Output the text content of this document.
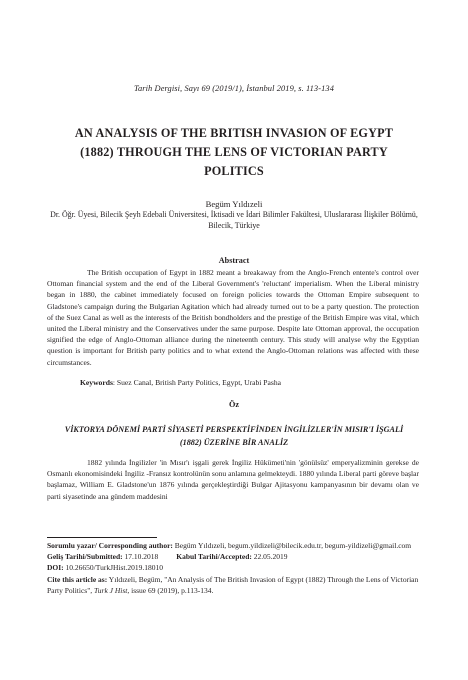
Tarih Dergisi, Sayı 69 (2019/1), İstanbul 2019, s. 113-134
AN ANALYSIS OF THE BRITISH INVASION OF EGYPT (1882) THROUGH THE LENS OF VICTORIAN PARTY POLITICS
Begüm Yıldızeli
Dr. Öğr. Üyesi, Bilecik Şeyh Edebali Üniversitesi, İktisadi ve İdari Bilimler Fakültesi, Uluslararası İlişkiler Bölümü, Bilecik, Türkiye
Abstract

The British occupation of Egypt in 1882 meant a breakaway from the Anglo-French entente's control over Ottoman financial system and the end of the Liberal Government's 'reluctant' imperialism. When the Liberal ministry began in 1880, the cabinet immediately focused on foreign policies towards the Ottoman Empire subsequent to Gladstone's campaign during the Bulgarian Agitation which had already turned out to be a party question. The protection of the Suez Canal as well as the interests of the British bondholders and the prestige of the British Empire was vital, which united the Liberal ministry and the Conservatives under the same purpose. Despite late Ottoman approval, the occupation signified the edge of Anglo-Ottoman alliance during the nineteenth century. This study will analyse why the Egyptian question is important for British party politics and to what extend the Anglo-Ottoman relations was affected with these circumstances.

Keywords: Suez Canal, British Party Politics, Egypt, Urabi Pasha
Öz
VİKTORYA DÖNEMİ PARTİ SİYASETİ PERSPEKTİFİNDEN İNGİLİZLER'İN MISIR'I İŞGALİ (1882) ÜZERİNE BİR ANALİZ

1882 yılında İngilizler 'in Mısır'ı işgali gerek İngiliz Hükümeti'nin 'gönülsüz' emperyalizminin gerekse de Osmanlı ekonomisindeki İngiliz -Fransız kontrolünün sonu anlamına gelmekteydi. 1880 yılında Liberal parti göreve başlar başlamaz, William E. Gladstone'un 1876 yılında gerçekleştirdiği Bulgar Ajitasyonu kampanyasının bir devamı olan ve parti siyasetinde ana gündem maddesini

Sorumlu yazar/ Corresponding author: Begüm Yıldızeli, begum.yildizeli@bilecik.edu.tr, begum-yildizeli@gmail.com
Geliş Tarihi/Submitted: 17.10.2018 Kabul Tarihi/Accepted: 22.05.2019
DOI: 10.26650/TurkJHist.2019.18010
Cite this article as: Yıldızeli, Begüm, "An Analysis of The British Invasion of Egypt (1882) Through the Lens of Victorian Party Politics", Turk J Hist, issue 69 (2019), p.113-134.
